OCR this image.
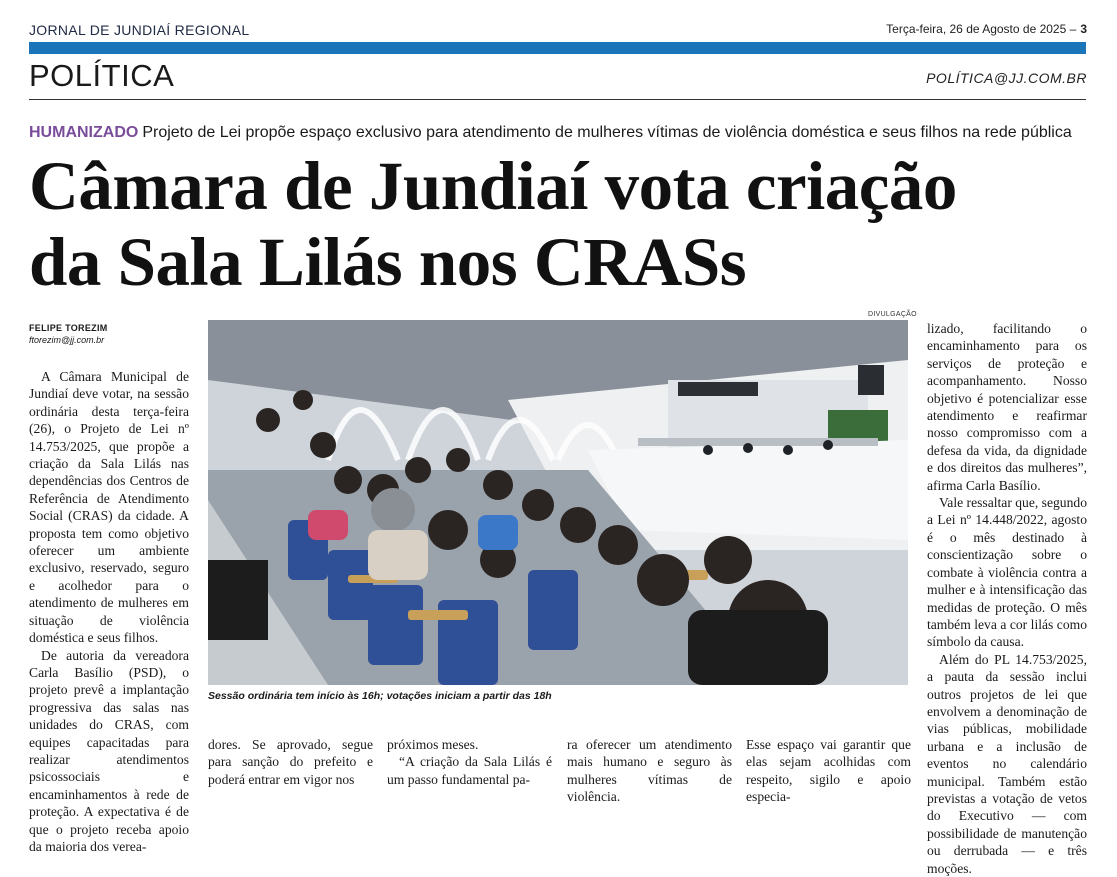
JORNAL DE JUNDIAÍ REGIONAL	Terça-feira, 26 de Agosto de 2025 – 3
POLÍTICA	POLÍTICA@JJ.COM.BR
HUMANIZADO Projeto de Lei propõe espaço exclusivo para atendimento de mulheres vítimas de violência doméstica e seus filhos na rede pública
Câmara de Jundiaí vota criação
da Sala Lilás nos CRASs
FELIPE TOREZIM
ftorezim@jj.com.br

A Câmara Municipal de Jundiaí deve votar, na sessão ordinária desta terça-feira (26), o Projeto de Lei nº 14.753/2025, que propõe a criação da Sala Lilás nas dependências dos Centros de Referência de Atendimento Social (CRAS) da cidade. A proposta tem como objetivo oferecer um ambiente exclusivo, reservado, seguro e acolhedor para o atendimento de mulheres em situação de violência doméstica e seus filhos.

De autoria da vereadora Carla Basílio (PSD), o projeto prevê a implantação progressiva das salas nas unidades do CRAS, com equipes capacitadas para realizar atendimentos psicossociais e encaminhamentos à rede de proteção. A expectativa é de que o projeto receba apoio da maioria dos verea-

DIVULGAÇÃO
Sessão ordinária tem início às 16h; votações iniciam a partir das 18h

dores. Se aprovado, segue para sanção do prefeito e poderá entrar em vigor nos

próximos meses.

“A criação da Sala Lilás é um passo fundamental pa-

ra oferecer um atendimento mais humano e seguro às mulheres vítimas de violência.

Esse espaço vai garantir que elas sejam acolhidas com respeito, sigilo e apoio especia-

lizado, facilitando o encaminhamento para os serviços de proteção e acompanhamento. Nosso objetivo é potencializar esse atendimento e reafirmar nosso compromisso com a defesa da vida, da dignidade e dos direitos das mulheres”, afirma Carla Basílio.

Vale ressaltar que, segundo a Lei nº 14.448/2022, agosto é o mês destinado à conscientização sobre o combate à violência contra a mulher e à intensificação das medidas de proteção. O mês também leva a cor lilás como símbolo da causa.

Além do PL 14.753/2025, a pauta da sessão inclui outros projetos de lei que envolvem a denominação de vias públicas, mobilidade urbana e a inclusão de eventos no calendário municipal. Também estão previstas a votação de vetos do Executivo — com possibilidade de manutenção ou derrubada — e três moções.
